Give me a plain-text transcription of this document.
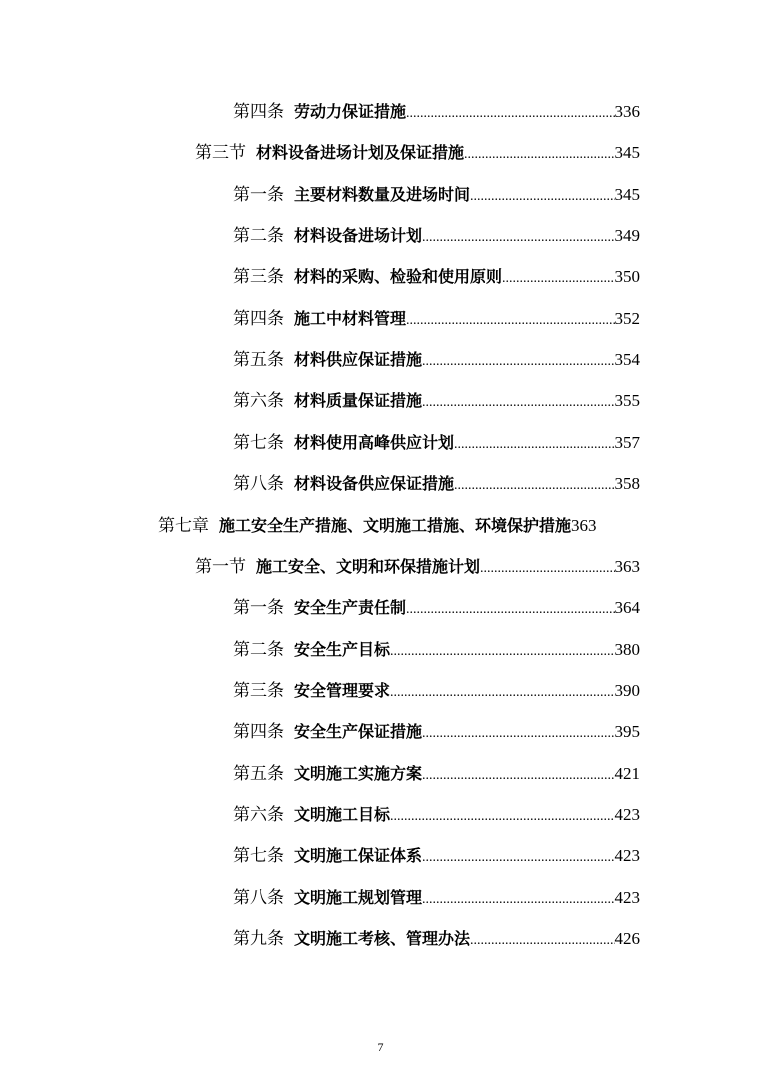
第四条 劳动力保证措施 .....	336
第三节 材料设备进场计划及保证措施 .....	345
第一条 主要材料数量及进场时间 .....	345
第二条 材料设备进场计划 .....	349
第三条 材料的采购、检验和使用原则 .....	350
第四条 施工中材料管理 .....	352
第五条 材料供应保证措施 .....	354
第六条 材料质量保证措施 .....	355
第七条 材料使用高峰供应计划 .....	357
第八条 材料设备供应保证措施 .....	358
第七章 施工安全生产措施、文明施工措施、环境保护措施 363
第一节 施工安全、文明和环保措施计划 .....	363
第一条 安全生产责任制 .....	364
第二条 安全生产目标 .....	380
第三条 安全管理要求 .....	390
第四条 安全生产保证措施 .....	395
第五条 文明施工实施方案 .....	421
第六条 文明施工目标 .....	423
第七条 文明施工保证体系 .....	423
第八条 文明施工规划管理 .....	423
第九条 文明施工考核、管理办法 .....	426
7
